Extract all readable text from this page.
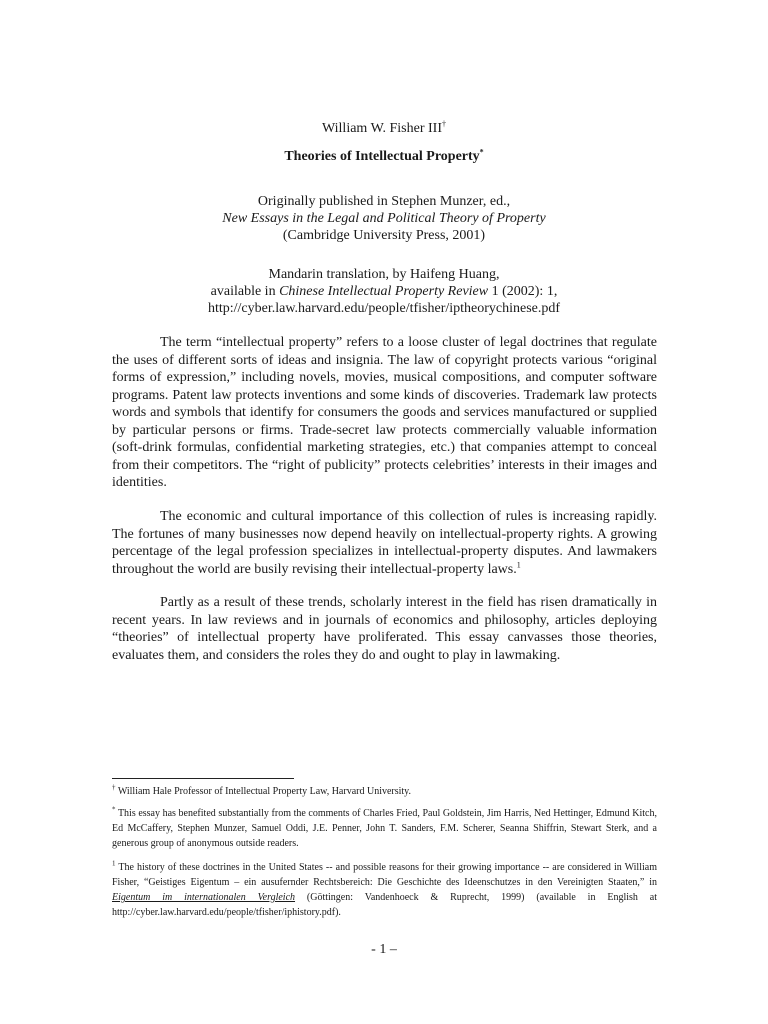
William W. Fisher III†
Theories of Intellectual Property*
Originally published in Stephen Munzer, ed.,
New Essays in the Legal and Political Theory of Property
(Cambridge University Press, 2001)
Mandarin translation, by Haifeng Huang,
available in Chinese Intellectual Property Review 1 (2002): 1,
http://cyber.law.harvard.edu/people/tfisher/iptheorychinese.pdf
The term “intellectual property” refers to a loose cluster of legal doctrines that regulate the uses of different sorts of ideas and insignia. The law of copyright protects various “original forms of expression,” including novels, movies, musical compositions, and computer software programs. Patent law protects inventions and some kinds of discoveries. Trademark law protects words and symbols that identify for consumers the goods and services manufactured or supplied by particular persons or firms. Trade-secret law protects commercially valuable information (soft-drink formulas, confidential marketing strategies, etc.) that companies attempt to conceal from their competitors. The “right of publicity” protects celebrities’ interests in their images and identities.
The economic and cultural importance of this collection of rules is increasing rapidly. The fortunes of many businesses now depend heavily on intellectual-property rights. A growing percentage of the legal profession specializes in intellectual-property disputes. And lawmakers throughout the world are busily revising their intellectual-property laws.$^1$
Partly as a result of these trends, scholarly interest in the field has risen dramatically in recent years. In law reviews and in journals of economics and philosophy, articles deploying “theories” of intellectual property have proliferated. This essay canvasses those theories, evaluates them, and considers the roles they do and ought to play in lawmaking.
† William Hale Professor of Intellectual Property Law, Harvard University.
* This essay has benefited substantially from the comments of Charles Fried, Paul Goldstein, Jim Harris, Ned Hettinger, Edmund Kitch, Ed McCaffery, Stephen Munzer, Samuel Oddi, J.E. Penner, John T. Sanders, F.M. Scherer, Seanna Shiffrin, Stewart Sterk, and a generous group of anonymous outside readers.
$^1$ The history of these doctrines in the United States -- and possible reasons for their growing importance -- are considered in William Fisher, “Geistiges Eigentum – ein ausufernder Rechtsbereich: Die Geschichte des Ideenschutzes in den Vereinigten Staaten,” in Eigentum im internationalen Vergleich (Göttingen: Vandenhoeck & Ruprecht, 1999) (available in English at http://cyber.law.harvard.edu/people/tfisher/iphistory.pdf).
- 1 –
